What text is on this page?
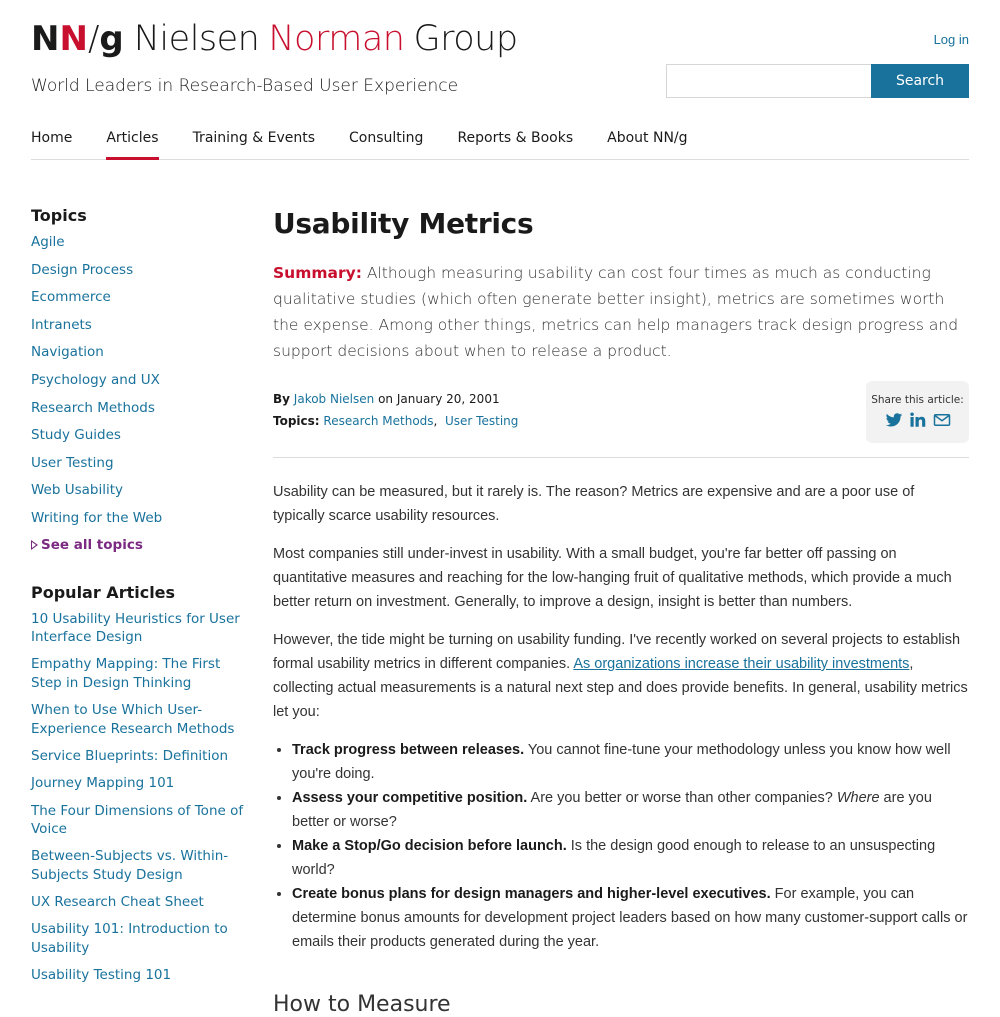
NN/g Nielsen Norman Group
World Leaders in Research-Based User Experience
Log in
Search
Home Articles Training & Events Consulting Reports & Books About NN/g
Topics
Agile
Design Process
Ecommerce
Intranets
Navigation
Psychology and UX
Research Methods
Study Guides
User Testing
Web Usability
Writing for the Web
See all topics
Popular Articles
10 Usability Heuristics for User Interface Design
Empathy Mapping: The First Step in Design Thinking
When to Use Which User-Experience Research Methods
Service Blueprints: Definition
Journey Mapping 101
The Four Dimensions of Tone of Voice
Between-Subjects vs. Within-Subjects Study Design
UX Research Cheat Sheet
Usability 101: Introduction to Usability
Usability Testing 101
Usability Metrics

Summary: Although measuring usability can cost four times as much as conducting qualitative studies (which often generate better insight), metrics are sometimes worth the expense. Among other things, metrics can help managers track design progress and support decisions about when to release a product.

By Jakob Nielsen on January 20, 2001
Topics: Research Methods, User Testing
Share this article:

Usability can be measured, but it rarely is. The reason? Metrics are expensive and are a poor use of typically scarce usability resources.

Most companies still under-invest in usability. With a small budget, you're far better off passing on quantitative measures and reaching for the low-hanging fruit of qualitative methods, which provide a much better return on investment. Generally, to improve a design, insight is better than numbers.

However, the tide might be turning on usability funding. I've recently worked on several projects to establish formal usability metrics in different companies. As organizations increase their usability investments, collecting actual measurements is a natural next step and does provide benefits. In general, usability metrics let you:

• Track progress between releases. You cannot fine-tune your methodology unless you know how well you're doing.
• Assess your competitive position. Are you better or worse than other companies? Where are you better or worse?
• Make a Stop/Go decision before launch. Is the design good enough to release to an unsuspecting world?
• Create bonus plans for design managers and higher-level executives. For example, you can determine bonus amounts for development project leaders based on how many customer-support calls or emails their products generated during the year.
How to Measure
